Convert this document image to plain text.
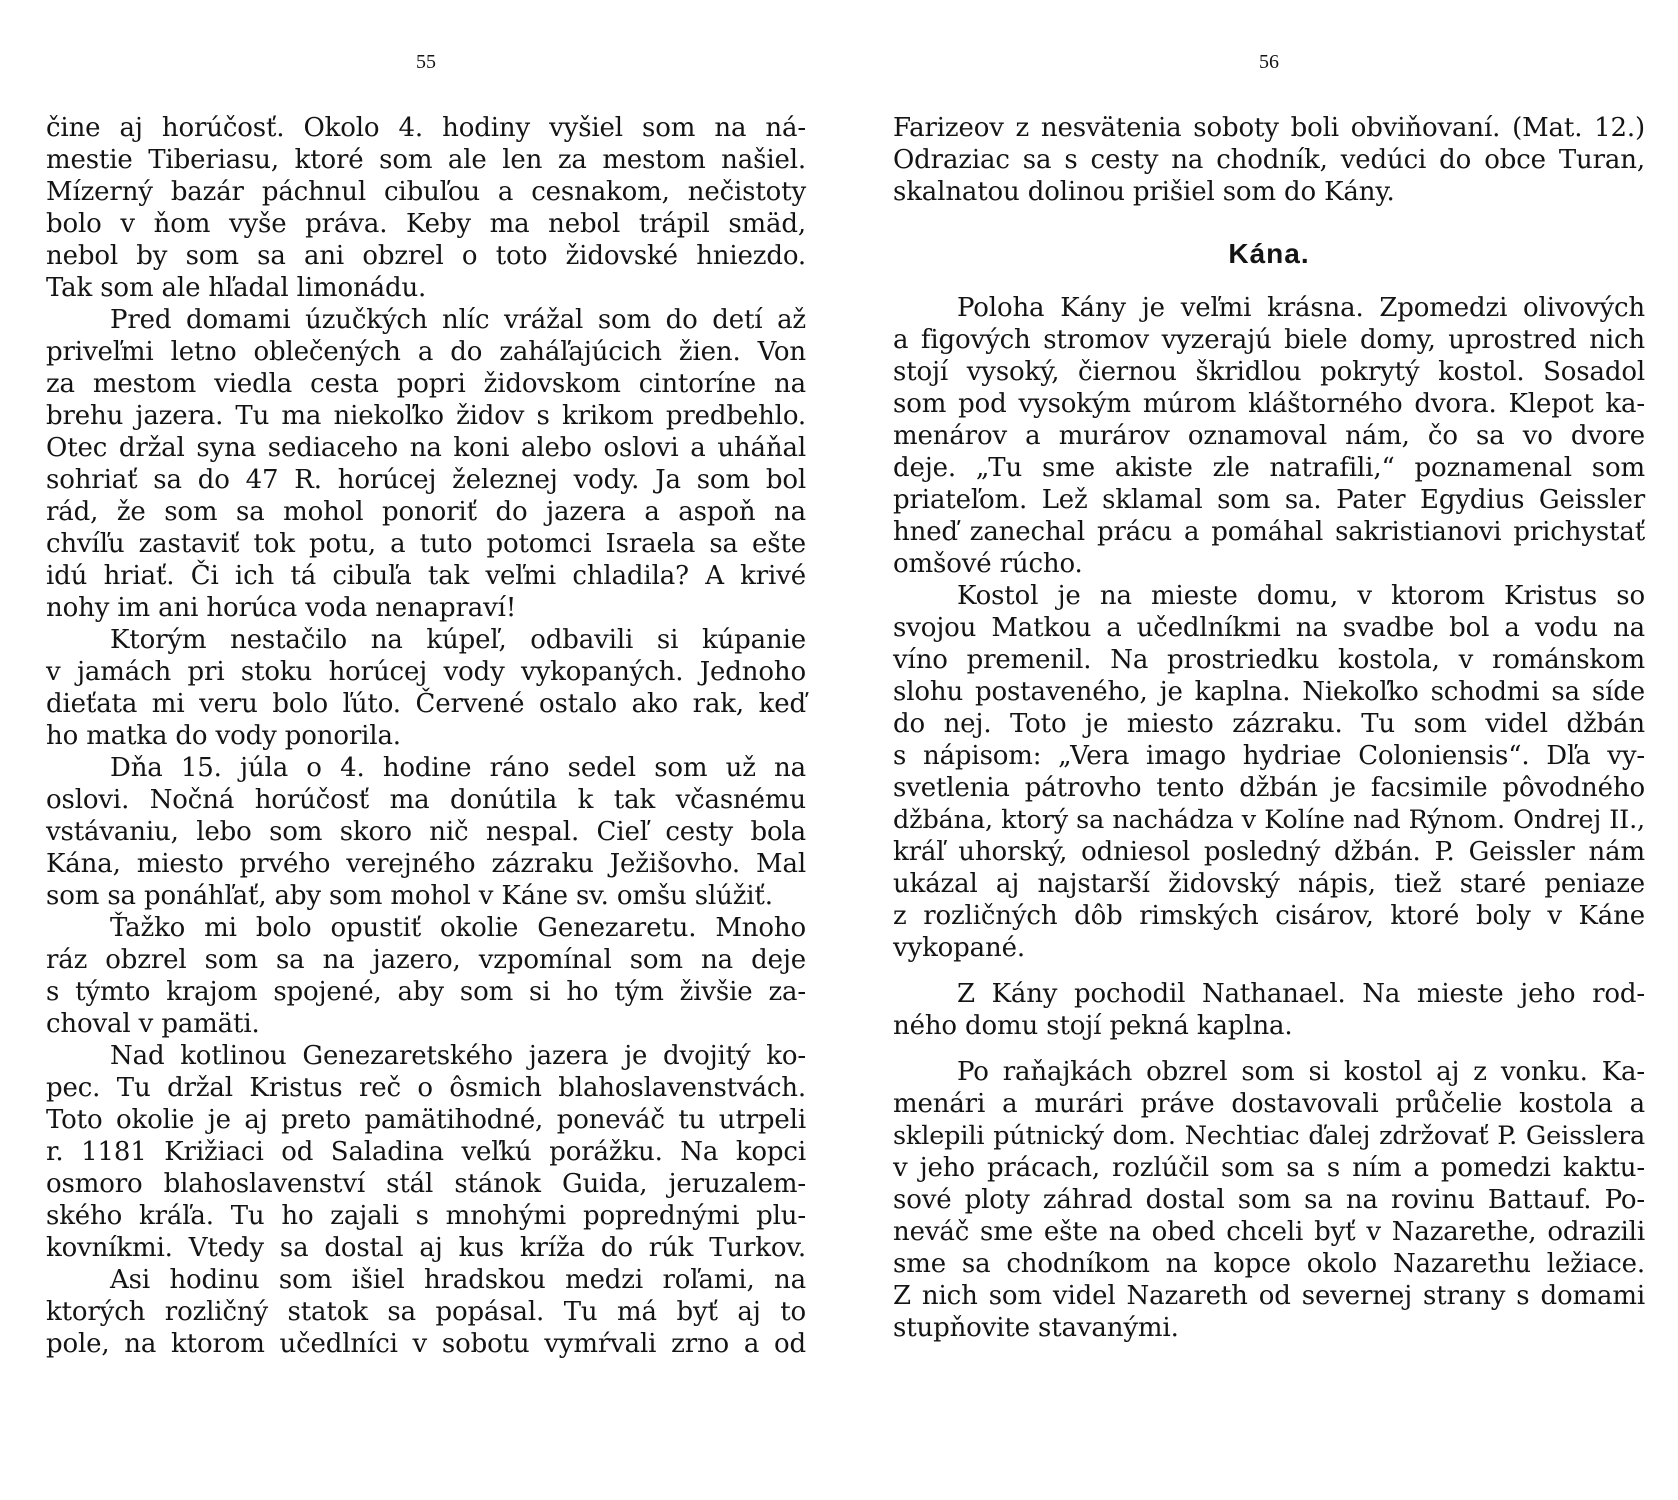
55
čine aj horúčosť. Okolo 4. hodiny vyšiel som na ná-
mestie Tiberiasu, ktoré som ale len za mestom našiel.
Mízerný bazár páchnul cibuľou a cesnakom, nečistoty
bolo v ňom vyše práva. Keby ma nebol trápil smäd,
nebol by som sa ani obzrel o toto židovské hniezdo.
Tak som ale hľadal limonádu.
Pred domami úzučkých nlíc vrážal som do detí až
priveľmi letno oblečených a do zaháľajúcich žien. Von
za mestom viedla cesta popri židovskom cintoríne na
brehu jazera. Tu ma niekoľko židov s krikom predbehlo.
Otec držal syna sediaceho na koni alebo oslovi a uháňal
sohriať sa do 47 R. horúcej železnej vody. Ja som bol
rád, že som sa mohol ponoriť do jazera a aspoň na
chvíľu zastaviť tok potu, a tuto potomci Israela sa ešte
idú hriať. Či ich tá cibuľa tak veľmi chladila? A krivé
nohy im ani horúca voda nenapraví!
Ktorým nestačilo na kúpeľ, odbavili si kúpanie
v jamách pri stoku horúcej vody vykopaných. Jednoho
dieťata mi veru bolo ľúto. Červené ostalo ako rak, keď
ho matka do vody ponorila.
Dňa 15. júla o 4. hodine ráno sedel som už na
oslovi. Nočná horúčosť ma donútila k tak včasnému
vstávaniu, lebo som skoro nič nespal. Cieľ cesty bola
Kána, miesto prvého verejného zázraku Ježišovho. Mal
som sa ponáhľať, aby som mohol v Káne sv. omšu slúžiť.
Ťažko mi bolo opustiť okolie Genezaretu. Mnoho
ráz obzrel som sa na jazero, vzpomínal som na deje
s týmto krajom spojené, aby som si ho tým živšie za-
choval v pamäti.
Nad kotlinou Genezaretského jazera je dvojitý ko-
pec. Tu držal Kristus reč o ôsmich blahoslavenstvách.
Toto okolie je aj preto pamätihodné, poneváč tu utrpeli
r. 1181 Križiaci od Saladina veľkú porážku. Na kopci
osmoro blahoslavenství stál stánok Guida, jeruzalem-
ského kráľa. Tu ho zajali s mnohými poprednými plu-
kovníkmi. Vtedy sa dostal aj kus kríža do rúk Turkov.
Asi hodinu som išiel hradskou medzi roľami, na
ktorých rozličný statok sa popásal. Tu má byť aj to
pole, na ktorom učedlníci v sobotu vymŕvali zrno a od
56
Farizeov z nesvätenia soboty boli obviňovaní. (Mat. 12.)
Odraziac sa s cesty na chodník, vedúci do obce Turan,
skalnatou dolinou prišiel som do Kány.
Kána.
Poloha Kány je veľmi krásna. Zpomedzi olivových
a figových stromov vyzerajú biele domy, uprostred nich
stojí vysoký, čiernou škridlou pokrytý kostol. Sosadol
som pod vysokým múrom kláštorného dvora. Klepot ka-
menárov a murárov oznamoval nám, čo sa vo dvore
deje. „Tu sme akiste zle natrafili,“ poznamenal som
priateľom. Lež sklamal som sa. Pater Egydius Geissler
hneď zanechal prácu a pomáhal sakristianovi prichystať
omšové rúcho.
Kostol je na mieste domu, v ktorom Kristus so
svojou Matkou a učedlníkmi na svadbe bol a vodu na
víno premenil. Na prostriedku kostola, v románskom
slohu postaveného, je kaplna. Niekoľko schodmi sa síde
do nej. Toto je miesto zázraku. Tu som videl džbán
s nápisom: „Vera imago hydriae Coloniensis“. Dľa vy-
svetlenia pátrovho tento džbán je facsimile pôvodného
džbána, ktorý sa nachádza v Kolíne nad Rýnom. Ondrej II.,
kráľ uhorský, odniesol posledný džbán. P. Geissler nám
ukázal aj najstarší židovský nápis, tiež staré peniaze
z rozličných dôb rimských cisárov, ktoré boly v Káne
vykopané.
Z Kány pochodil Nathanael. Na mieste jeho rod-
ného domu stojí pekná kaplna.
Po raňajkách obzrel som si kostol aj z vonku. Ka-
menári a murári práve dostavovali průčelie kostola a
sklepili pútnický dom. Nechtiac ďalej zdržovať P. Geisslera
v jeho prácach, rozlúčil som sa s ním a pomedzi kaktu-
sové ploty záhrad dostal som sa na rovinu Battauf. Po-
neváč sme ešte na obed chceli byť v Nazarethe, odrazili
sme sa chodníkom na kopce okolo Nazarethu ležiace.
Z nich som videl Nazareth od severnej strany s domami
stupňovite stavanými.
